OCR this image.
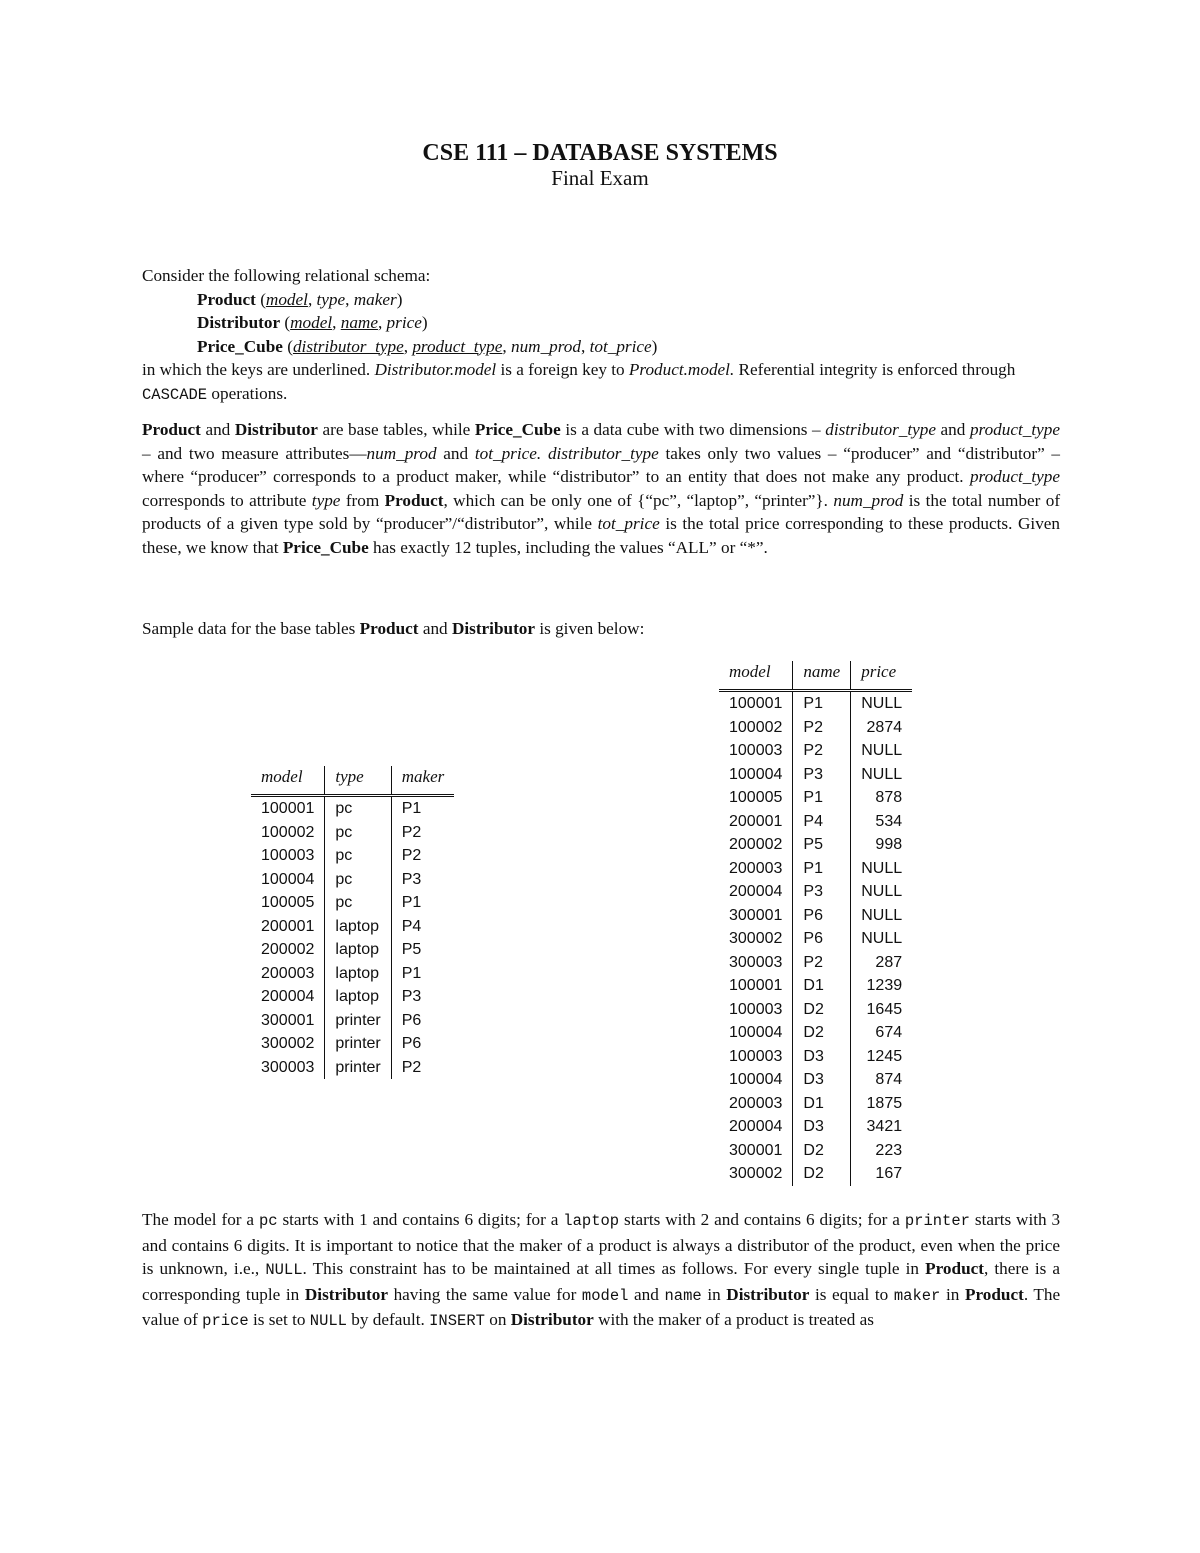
CSE 111 – DATABASE SYSTEMS
Final Exam
Consider the following relational schema:
Product (model, type, maker)
Distributor (model, name, price)
Price_Cube (distributor_type, product_type, num_prod, tot_price)
in which the keys are underlined. Distributor.model is a foreign key to Product.model. Referential integrity is enforced through CASCADE operations.
Product and Distributor are base tables, while Price_Cube is a data cube with two dimensions – distributor_type and product_type – and two measure attributes—num_prod and tot_price. distributor_type takes only two values – “producer” and “distributor” – where “producer” corresponds to a product maker, while “distributor” to an entity that does not make any product. product_type corresponds to attribute type from Product, which can be only one of {“pc”, “laptop”, “printer”}. num_prod is the total number of products of a given type sold by “producer”/“distributor”, while tot_price is the total price corresponding to these products. Given these, we know that Price_Cube has exactly 12 tuples, including the values “ALL” or “*”.
Sample data for the base tables Product and Distributor is given below:
model	type	maker
100001	pc	P1
100002	pc	P2
100003	pc	P2
100004	pc	P3
100005	pc	P1
200001	laptop	P4
200002	laptop	P5
200003	laptop	P1
200004	laptop	P3
300001	printer	P6
300002	printer	P6
300003	printer	P2
model	name	price
100001	P1	NULL
100002	P2	2874
100003	P2	NULL
100004	P3	NULL
100005	P1	878
200001	P4	534
200002	P5	998
200003	P1	NULL
200004	P3	NULL
300001	P6	NULL
300002	P6	NULL
300003	P2	287
100001	D1	1239
100003	D2	1645
100004	D2	674
100003	D3	1245
100004	D3	874
200003	D1	1875
200004	D3	3421
300001	D2	223
300002	D2	167
The model for a pc starts with 1 and contains 6 digits; for a laptop starts with 2 and contains 6 digits; for a printer starts with 3 and contains 6 digits. It is important to notice that the maker of a product is always a distributor of the product, even when the price is unknown, i.e., NULL. This constraint has to be maintained at all times as follows. For every single tuple in Product, there is a corresponding tuple in Distributor having the same value for model and name in Distributor is equal to maker in Product. The value of price is set to NULL by default. INSERT on Distributor with the maker of a product is treated as
